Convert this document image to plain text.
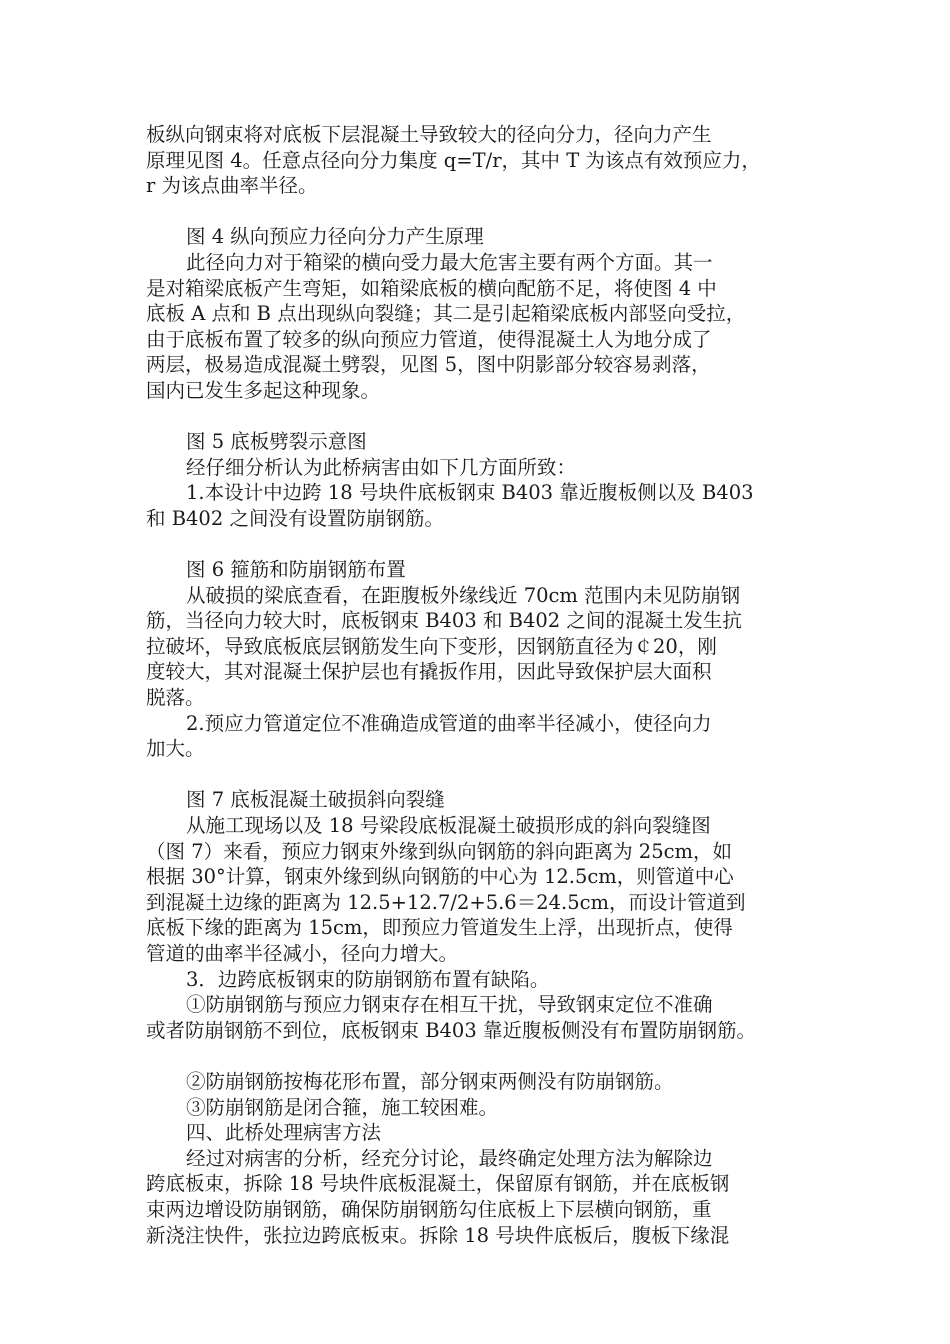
板纵向钢束将对底板下层混凝土导致较大的径向分力，径向力产生
原理见图 4。任意点径向分力集度 q=T/r，其中 T 为该点有效预应力，
r 为该点曲率半径。
图 4 纵向预应力径向分力产生原理
此径向力对于箱梁的横向受力最大危害主要有两个方面。其一
是对箱梁底板产生弯矩，如箱梁底板的横向配筋不足，将使图 4 中
底板 A 点和 B 点出现纵向裂缝；其二是引起箱梁底板内部竖向受拉，
由于底板布置了较多的纵向预应力管道，使得混凝土人为地分成了
两层，极易造成混凝土劈裂，见图 5，图中阴影部分较容易剥落，
国内已发生多起这种现象。
图 5 底板劈裂示意图
经仔细分析认为此桥病害由如下几方面所致：
1.本设计中边跨 18 号块件底板钢束 B403 靠近腹板侧以及 B403
和 B402 之间没有设置防崩钢筋。
图 6 箍筋和防崩钢筋布置
从破损的梁底查看，在距腹板外缘线近 70cm 范围内未见防崩钢
筋，当径向力较大时，底板钢束 B403 和 B402 之间的混凝土发生抗
拉破坏，导致底板底层钢筋发生向下变形，因钢筋直径为￠20，刚
度较大，其对混凝土保护层也有撬扳作用，因此导致保护层大面积
脱落。
2.预应力管道定位不准确造成管道的曲率半径减小，使径向力
加大。
图 7 底板混凝土破损斜向裂缝
从施工现场以及 18 号梁段底板混凝土破损形成的斜向裂缝图
（图 7）来看，预应力钢束外缘到纵向钢筋的斜向距离为 25cm，如
根据 30°计算，钢束外缘到纵向钢筋的中心为 12.5cm，则管道中心
到混凝土边缘的距离为 12.5+12.7/2+5.6＝24.5cm，而设计管道到
底板下缘的距离为 15cm，即预应力管道发生上浮，出现折点，使得
管道的曲率半径减小，径向力增大。
3．边跨底板钢束的防崩钢筋布置有缺陷。
①防崩钢筋与预应力钢束存在相互干扰，导致钢束定位不准确
或者防崩钢筋不到位，底板钢束 B403 靠近腹板侧没有布置防崩钢筋。
②防崩钢筋按梅花形布置，部分钢束两侧没有防崩钢筋。
③防崩钢筋是闭合箍，施工较困难。
四、此桥处理病害方法
经过对病害的分析，经充分讨论，最终确定处理方法为解除边
跨底板束，拆除 18 号块件底板混凝土，保留原有钢筋，并在底板钢
束两边增设防崩钢筋，确保防崩钢筋勾住底板上下层横向钢筋，重
新浇注快件，张拉边跨底板束。拆除 18 号块件底板后，腹板下缘混
